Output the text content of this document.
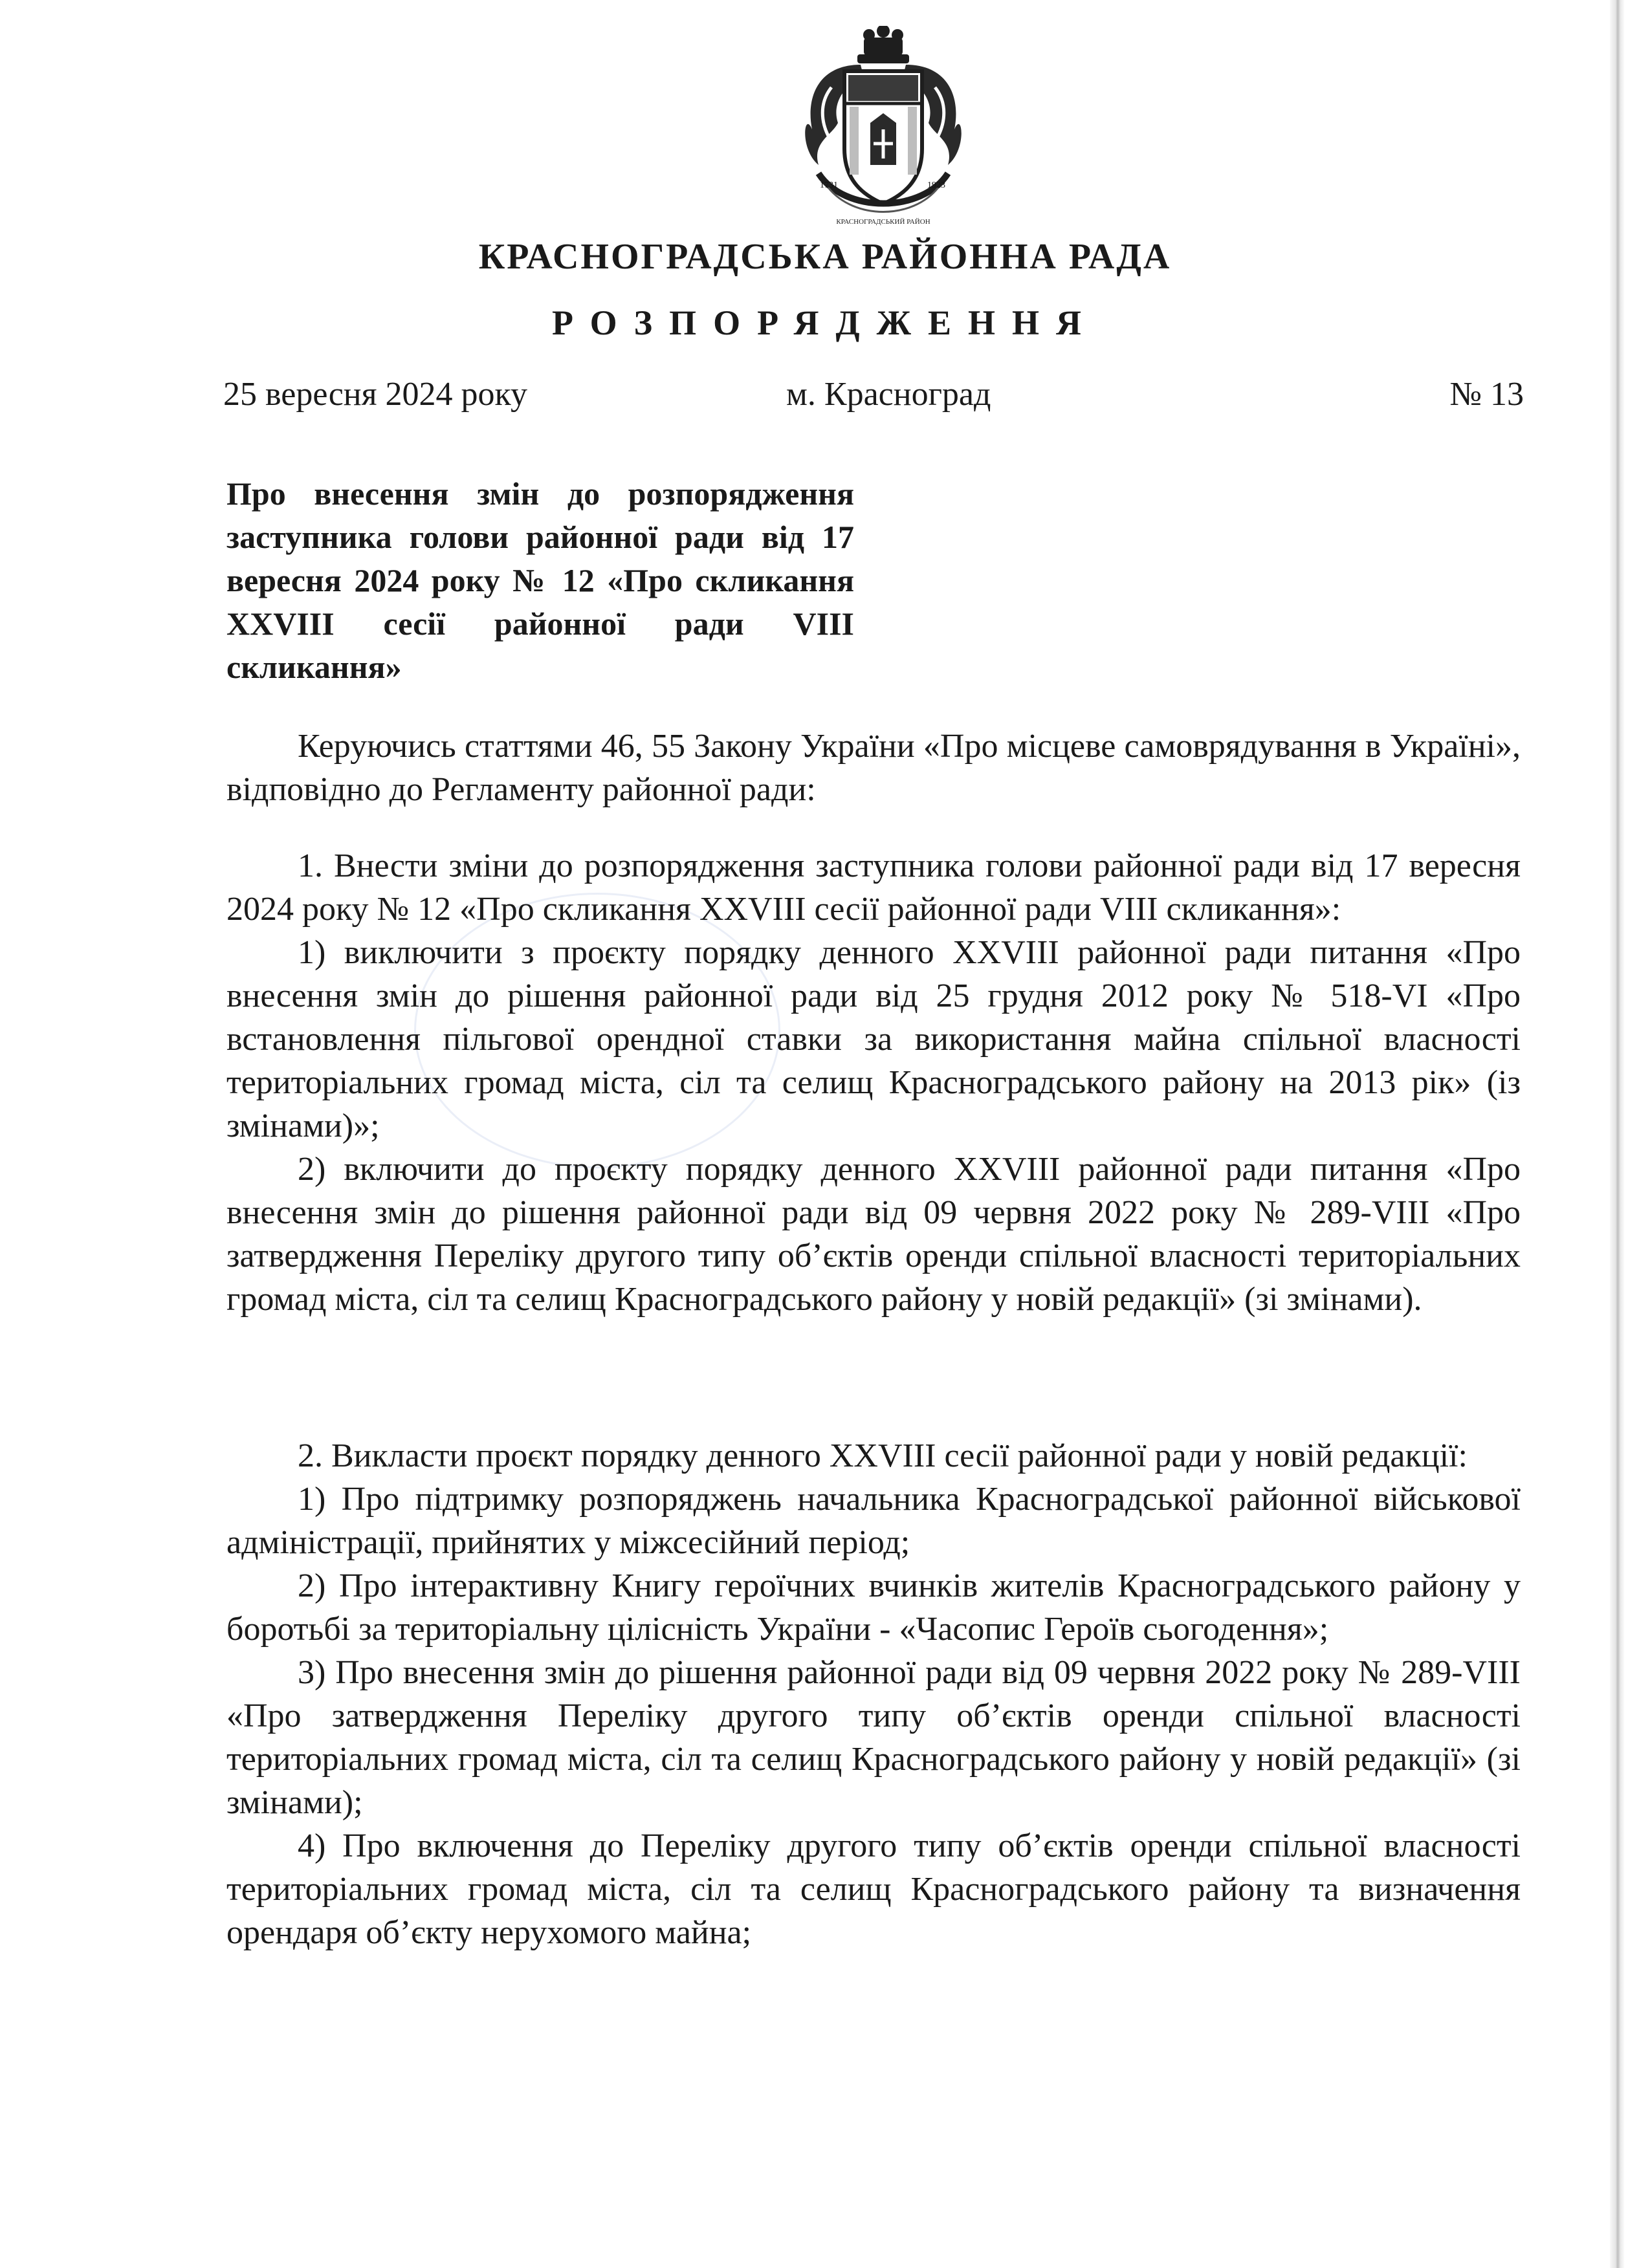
1731	1923
КРАСНОГРАДСЬКИЙ РАЙОН
КРАСНОГРАДСЬКА РАЙОННА РАДА
РОЗПОРЯДЖЕННЯ
25 вересня 2024 року	м. Красноград	№ 13
Про внесення змін до розпорядження заступника голови районної ради від 17 вересня 2024 року № 12 «Про скликання XXVIII сесії районної ради VIII скликання»

Керуючись статтями 46, 55 Закону України «Про місцеве самоврядування в Україні», відповідно до Регламенту районної ради:

1. Внести зміни до розпорядження заступника голови районної ради від 17 вересня 2024 року № 12 «Про скликання XXVIII сесії районної ради VIII скликання»:

1) виключити з проєкту порядку денного XXVIII районної ради питання «Про внесення змін до рішення районної ради від 25 грудня 2012 року № 518-VI «Про встановлення пільгової орендної ставки за використання майна спільної власності територіальних громад міста, сіл та селищ Красноградського району на 2013 рік» (із змінами)»;

2) включити до проєкту порядку денного XXVIII районної ради питання «Про внесення змін до рішення районної ради від 09 червня 2022 року № 289-VIII «Про затвердження Переліку другого типу об’єктів оренди спільної власності територіальних громад міста, сіл та селищ Красноградського району у новій редакції» (зі змінами).

2. Викласти проєкт порядку денного XXVIII сесії районної ради у новій редакції:

1) Про підтримку розпоряджень начальника Красноградської районної військової адміністрації, прийнятих у міжсесійний період;

2) Про інтерактивну Книгу героїчних вчинків жителів Красноградського району у боротьбі за територіальну цілісність України - «Часопис Героїв сьогодення»;

3) Про внесення змін до рішення районної ради від 09 червня 2022 року № 289-VIII «Про затвердження Переліку другого типу об’єктів оренди спільної власності територіальних громад міста, сіл та селищ Красноградського району у новій редакції» (зі змінами);

4) Про включення до Переліку другого типу об’єктів оренди спільної власності територіальних громад міста, сіл та селищ Красноградського району та визначення орендаря об’єкту нерухомого майна;
